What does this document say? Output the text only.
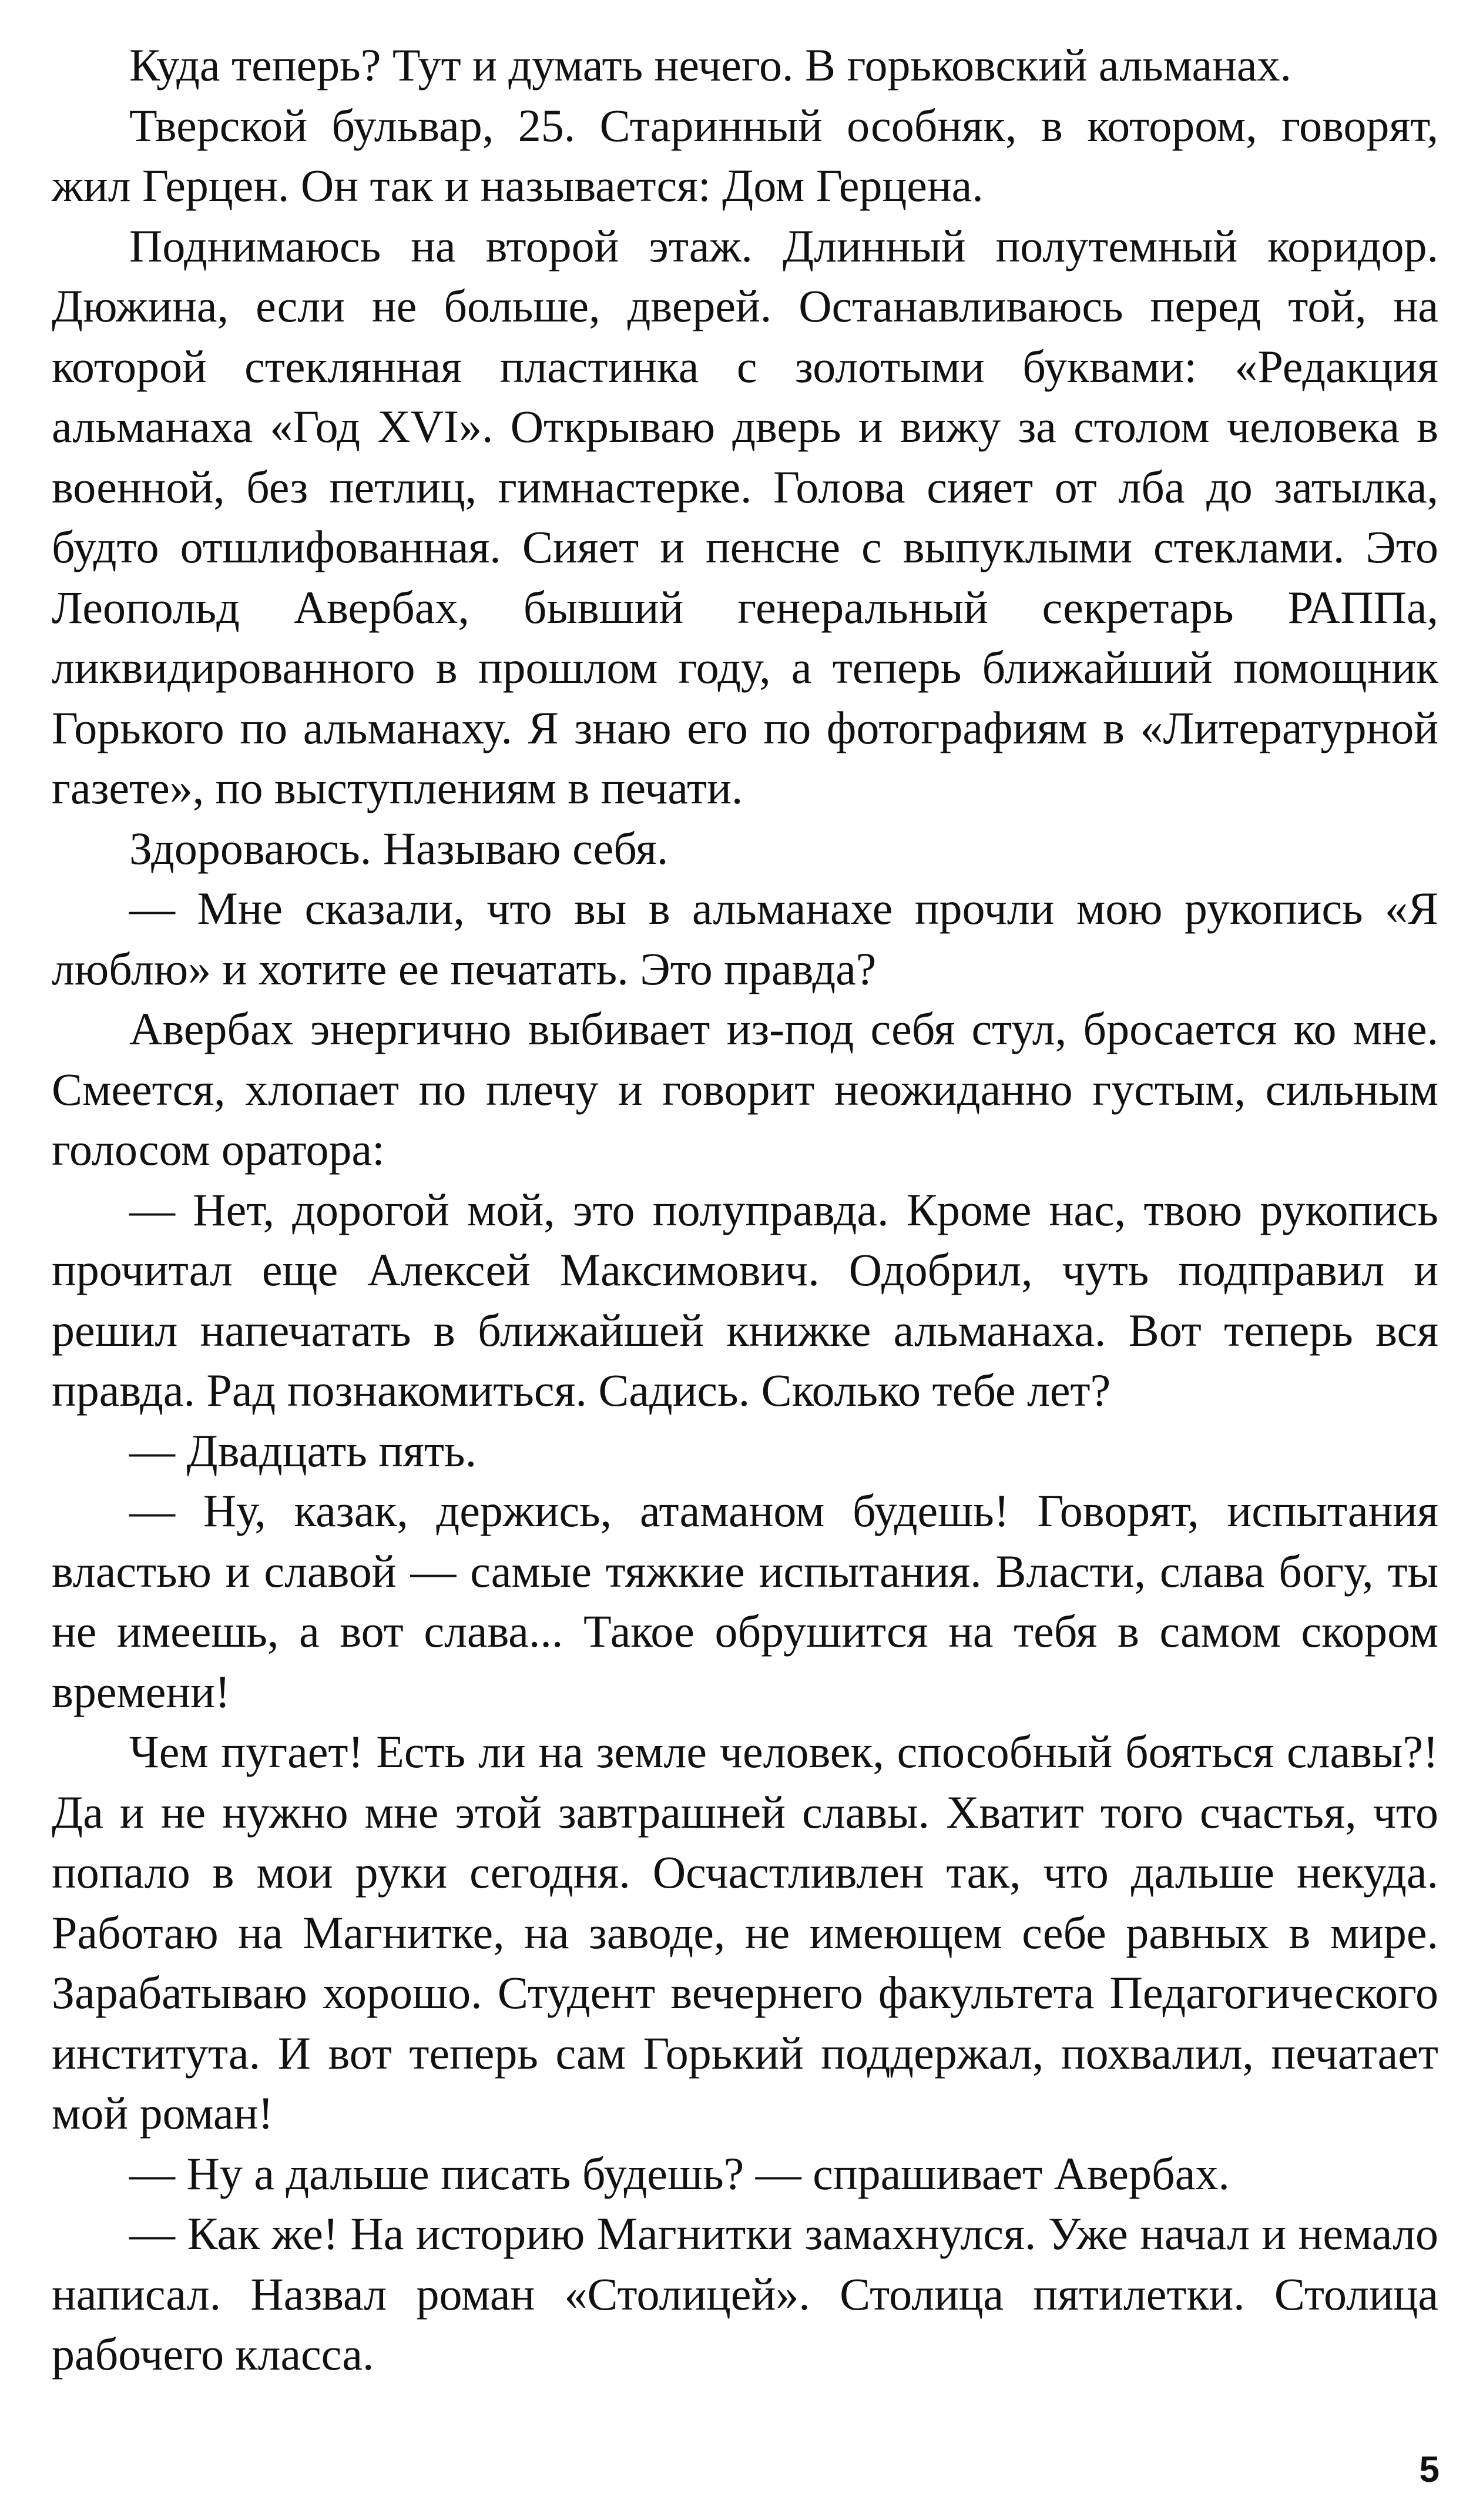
Куда теперь? Тут и думать нечего. В горьковский альманах.

Тверской бульвар, 25. Старинный особняк, в котором, говорят, жил Герцен. Он так и называется: Дом Герцена.

Поднимаюсь на второй этаж. Длинный полутемный коридор. Дюжина, если не больше, дверей. Останавливаюсь перед той, на которой стеклянная пластинка с золотыми буквами: «Редакция альманаха «Год XVI». Открываю дверь и вижу за столом человека в военной, без петлиц, гимнастерке. Голова сияет от лба до затылка, будто отшлифованная. Сияет и пенсне с выпуклыми стеклами. Это Леопольд Авербах, бывший генеральный секретарь РАППа, ликвидированного в прошлом году, а теперь ближайший помощник Горького по альманаху. Я знаю его по фотографиям в «Литературной газете», по выступлениям в печати.

Здороваюсь. Называю себя.

— Мне сказали, что вы в альманахе прочли мою рукопись «Я люблю» и хотите ее печатать. Это правда?

Авербах энергично выбивает из-под себя стул, бросается ко мне. Смеется, хлопает по плечу и говорит неожиданно густым, сильным голосом оратора:

— Нет, дорогой мой, это полуправда. Кроме нас, твою рукопись прочитал еще Алексей Максимович. Одобрил, чуть подправил и решил напечатать в ближайшей книжке альманаха. Вот теперь вся правда. Рад познакомиться. Садись. Сколько тебе лет?

— Двадцать пять.

— Ну, казак, держись, атаманом будешь! Говорят, испытания властью и славой — самые тяжкие испытания. Власти, слава богу, ты не имеешь, а вот слава... Такое обрушится на тебя в самом скором времени!

Чем пугает! Есть ли на земле человек, способный бояться славы?! Да и не нужно мне этой завтрашней славы. Хватит того счастья, что попало в мои руки сегодня. Осчастливлен так, что дальше некуда. Работаю на Магнитке, на заводе, не имеющем себе равных в мире. Зарабатываю хорошо. Студент вечернего факультета Педагогического института. И вот теперь сам Горький поддержал, похвалил, печатает мой роман!

— Ну а дальше писать будешь? — спрашивает Авербах.

— Как же! На историю Магнитки замахнулся. Уже начал и немало написал. Назвал роман «Столицей». Столица пятилетки. Столица рабочего класса.

5
